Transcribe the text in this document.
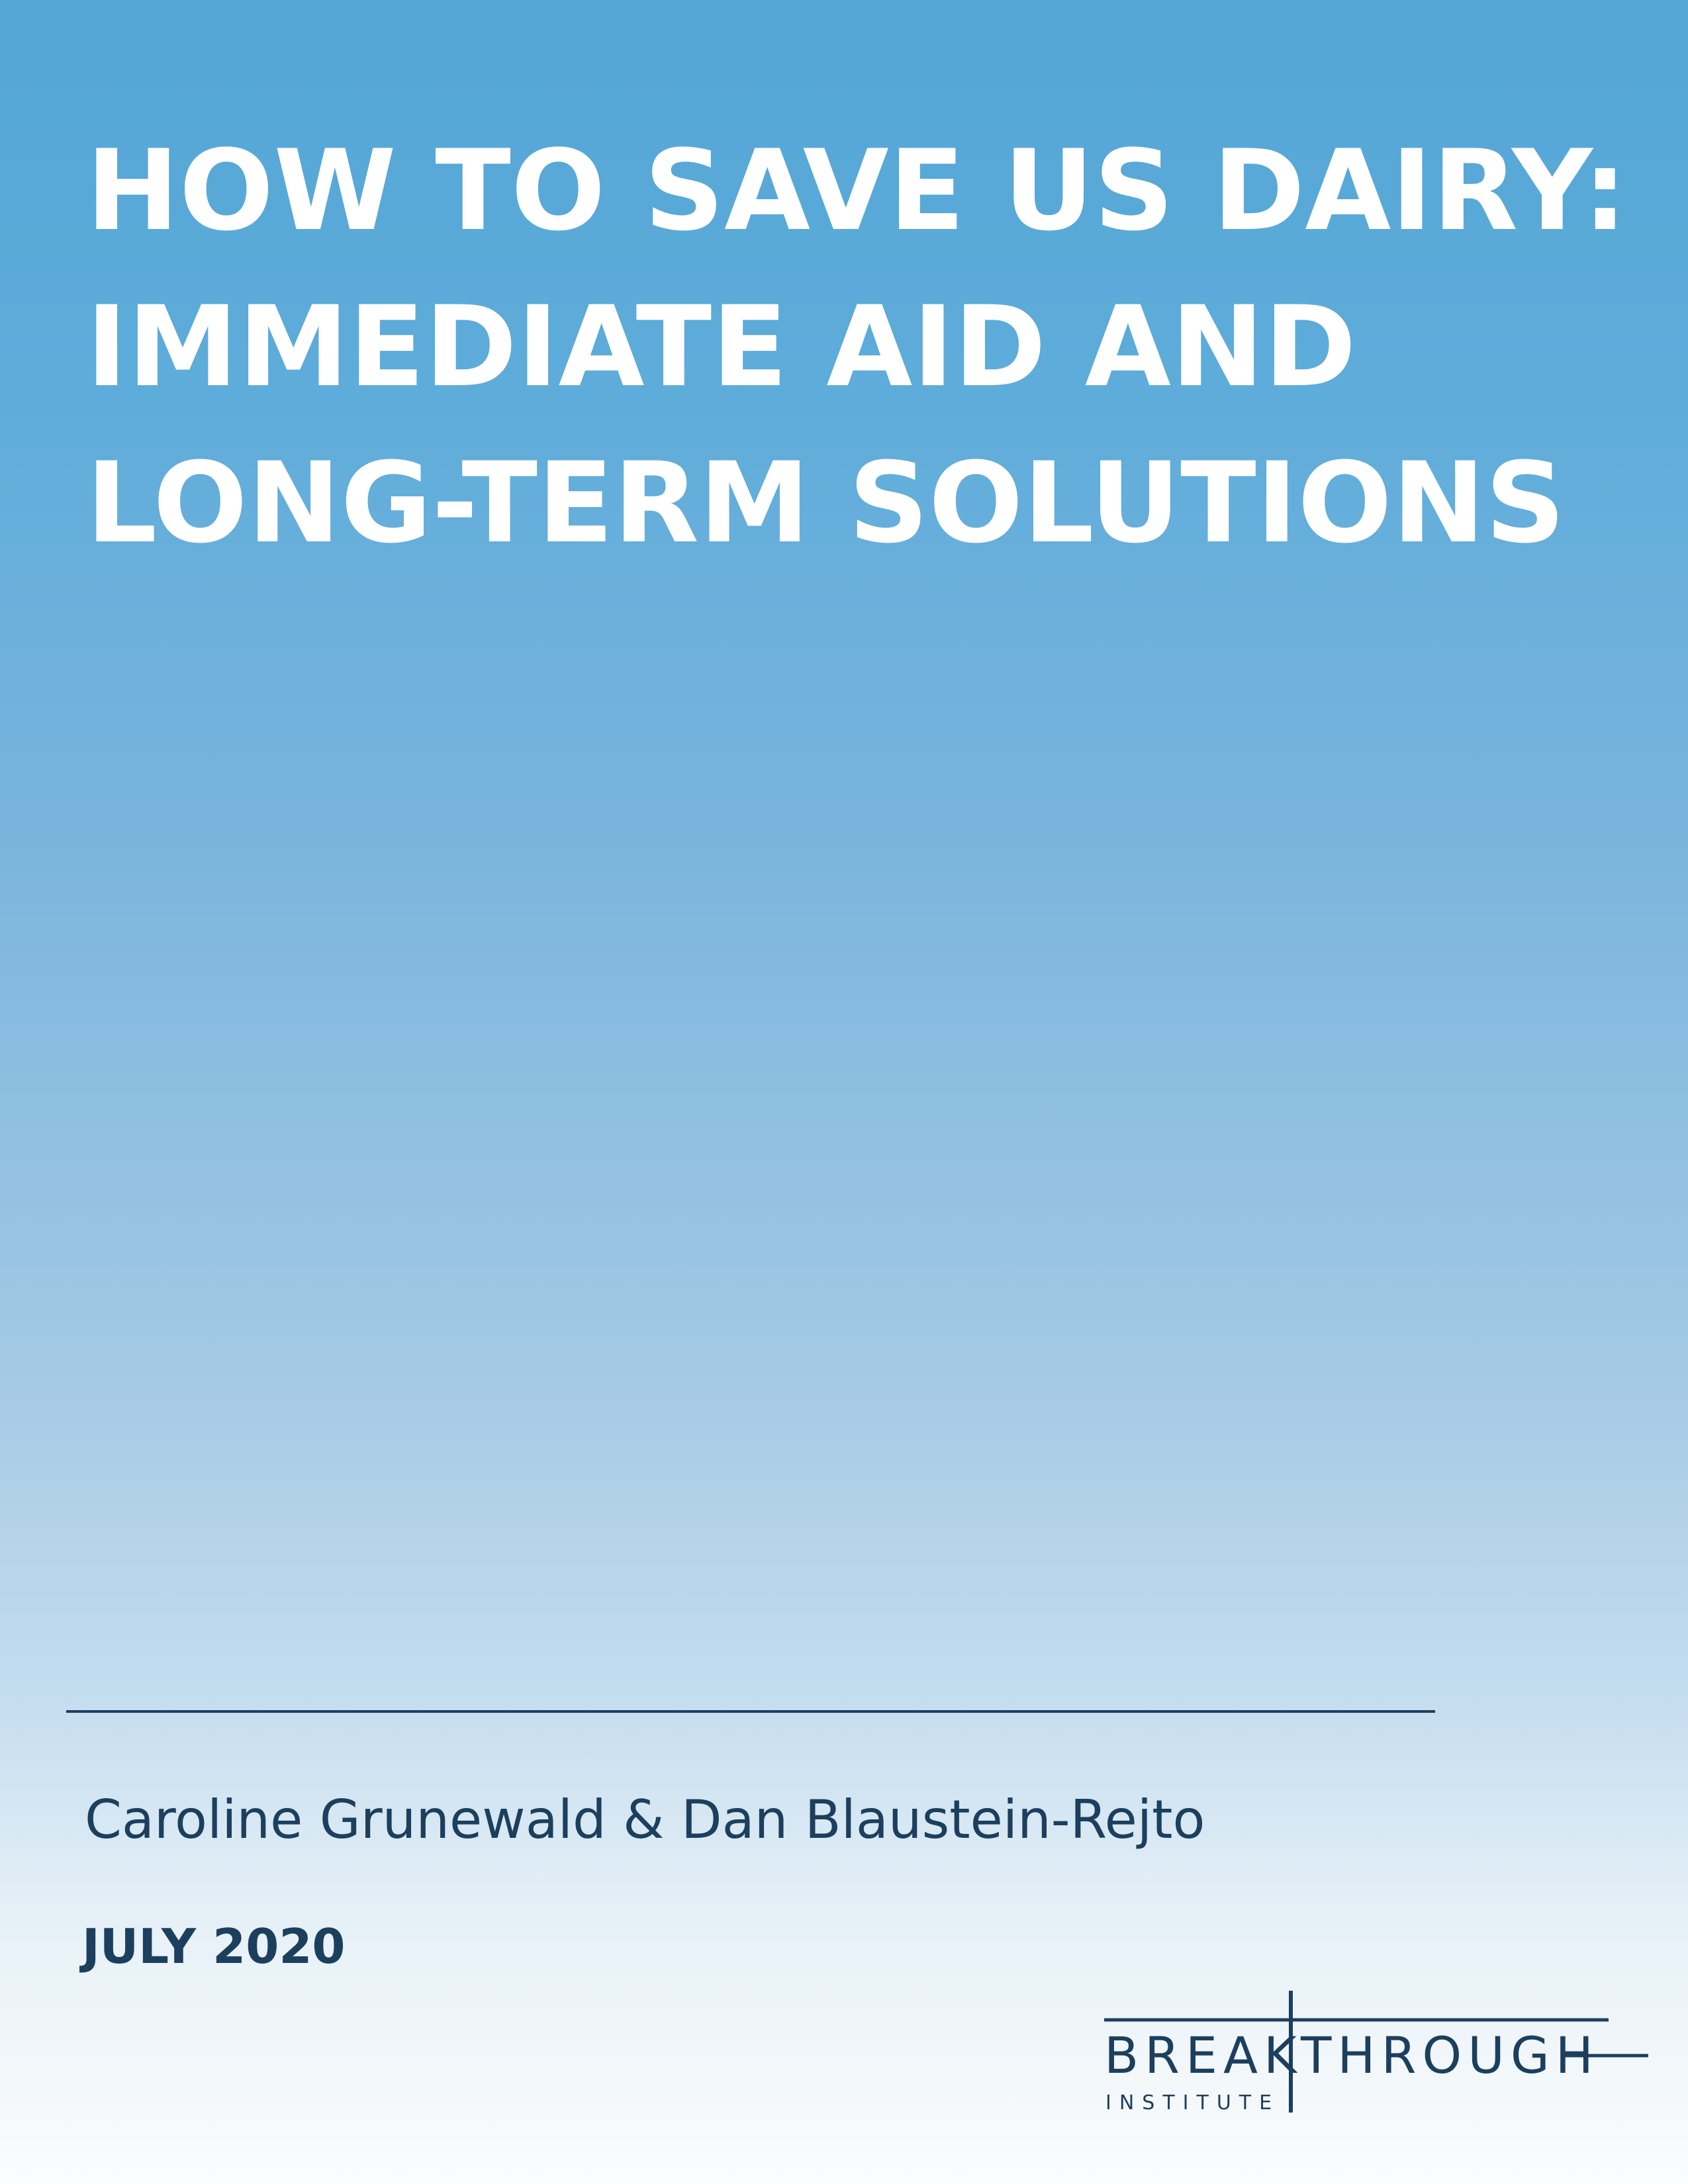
HOW TO SAVE US DAIRY:
IMMEDIATE AID AND
LONG-TERM SOLUTIONS
Caroline Grunewald & Dan Blaustein-Rejto
JULY 2020
BREAK
THROUGH
INSTITUTE
